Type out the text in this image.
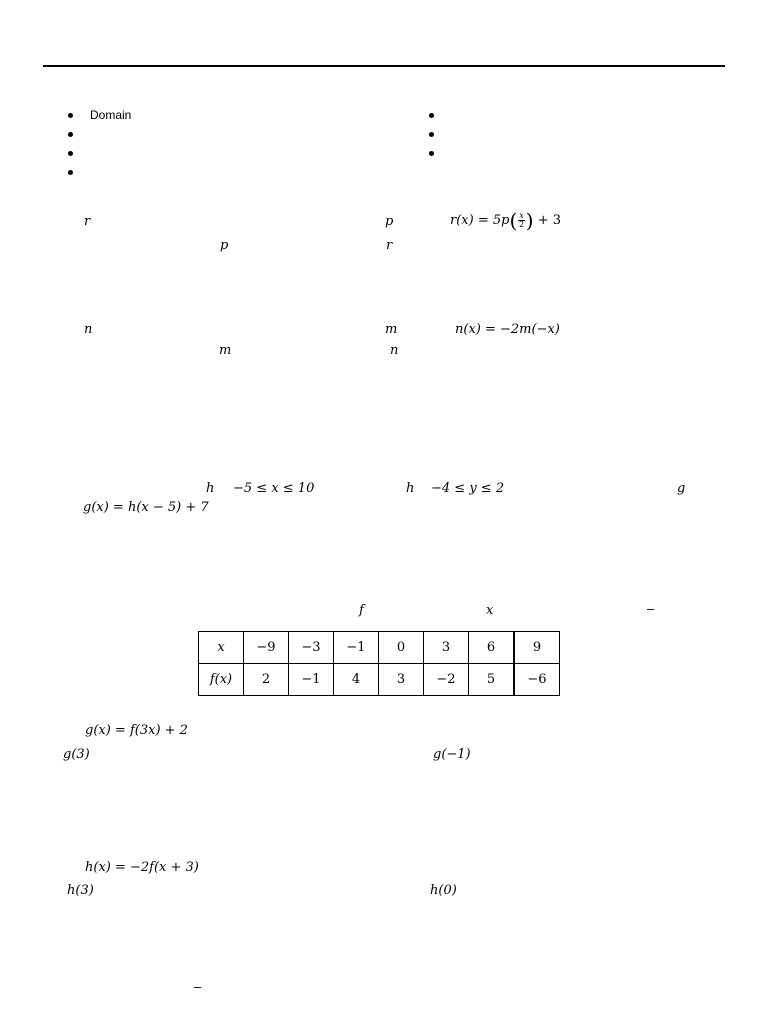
Domain
r	p	$r(x) = 5p( \frac{x}{2}$ ) + 3
p	r
n	m	n(x) = −2m(−x)
m	n
h −5 ≤ x ≤ 10	h −4 ≤ y ≤ 2	g
g(x) = h(x − 5) + 7
f	x	–
x	−9	−3	−1	0	3	6	9
f(x)	2	−1	4	3	−2	5	−6
g(x) = f(3x) + 2
g(3)	g(−1)
h(x) = −2f(x + 3)
h(3)	h(0)
–
